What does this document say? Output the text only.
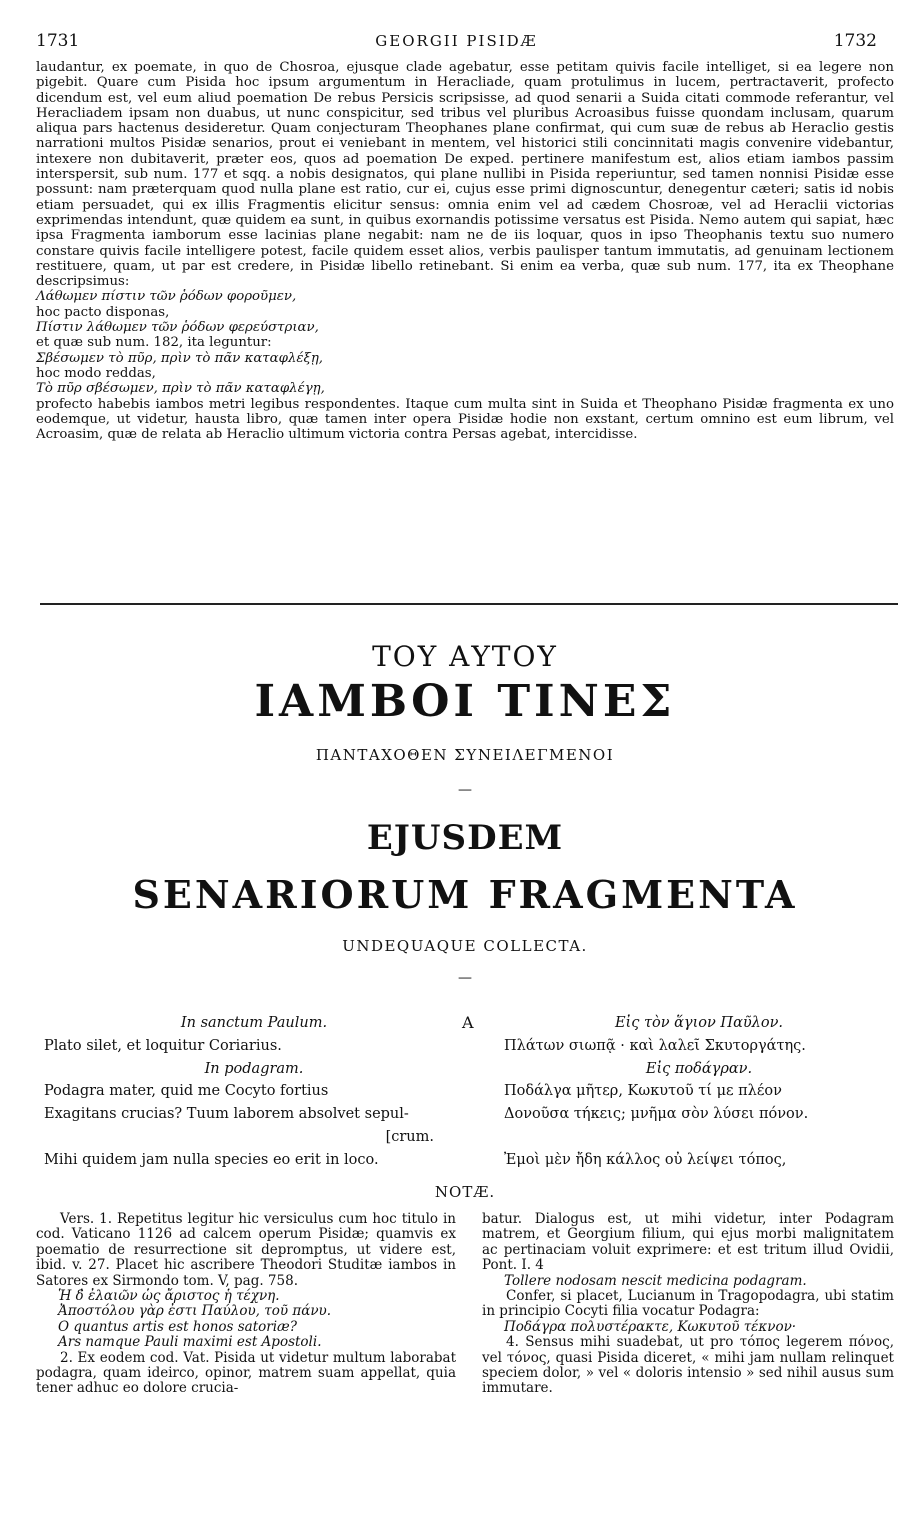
1731	GEORGII PISIDÆ	1732

laudantur, ex poemate, in quo de Chosroa, ejusque clade agebatur, esse petitam quivis facile intelliget, si ea legere non pigebit. Quare cum Pisida hoc ipsum argumentum in Heracliade, quam protulimus in lucem, pertractaverit, profecto dicendum est, vel eum aliud poemation De rebus Persicis scripsisse, ad quod senarii a Suida citati commode referantur, vel Heracliadem ipsam non duabus, ut nunc conspicitur, sed tribus vel pluribus Acroasibus fuisse quondam inclusam, quarum aliqua pars hactenus desideretur. Quam conjecturam Theophanes plane confirmat, qui cum suæ de rebus ab Heraclio gestis narrationi multos Pisidæ senarios, prout ei veniebant in mentem, vel historici stili concinnitati magis convenire videbantur, intexere non dubitaverit, præter eos, quos ad poemation De exped. pertinere manifestum est, alios etiam iambos passim interspersit, sub num. 177 et sqq. a nobis designatos, qui plane nullibi in Pisida reperiuntur, sed tamen nonnisi Pisidæ esse possunt: nam præterquam quod nulla plane est ratio, cur ei, cujus esse primi dignoscuntur, denegentur cæteri; satis id nobis etiam persuadet, qui ex illis Fragmentis elicitur sensus: omnia enim vel ad cædem Chosroæ, vel ad Heraclii victorias exprimendas intendunt, quæ quidem ea sunt, in quibus exornandis potissime versatus est Pisida. Nemo autem qui sapiat, hæc ipsa Fragmenta iamborum esse lacinias plane negabit: nam ne de iis loquar, quos in ipso Theophanis textu suo numero constare quivis facile intelligere potest, facile quidem esset alios, verbis paulisper tantum immutatis, ad genuinam lectionem restituere, quam, ut par est credere, in Pisidæ libello retinebant. Si enim ea verba, quæ sub num. 177, ita ex Theophane descripsimus:

Λάθωμεν πίστιν τῶν ῥόδων φοροῦμεν,

hoc pacto disponas,

Πίστιν λάθωμεν τῶν ῥόδων φερεύστριαν,

et quæ sub num. 182, ita leguntur:

Σβέσωμεν τὸ πῦρ, πρὶν τὸ πᾶν καταφλέξῃ,

hoc modo reddas,

Τὸ πῦρ σβέσωμεν, πρὶν τὸ πᾶν καταφλέγῃ,

profecto habebis iambos metri legibus respondentes. Itaque cum multa sint in Suida et Theophano Pisidæ fragmenta ex uno eodemque, ut videtur, hausta libro, quæ tamen inter opera Pisidæ hodie non exstant, certum omnino est eum librum, vel Acroasim, quæ de relata ab Heraclio ultimum victoria contra Persas agebat, intercidisse.

ΤΟΥ ΑΥΤΟΥ
ΙΑΜΒΟΙ ΤΙΝΕΣ
ΠΑΝΤΑΧΟΘΕΝ ΣΥΝΕΙΛΕΓΜΕΝΟΙ
—
EJUSDEM
SENARIORUM FRAGMENTA
UNDEQUAQUE COLLECTA.
—
A
In sanctum Paulum.
Plato silet, et loquitur Coriarius.
In podagram.
Podagra mater, quid me Cocyto fortius
Exagitans crucias? Tuum laborem absolvet sepul-
[crum.
Mihi quidem jam nulla species eo erit in loco.
Εἰς τὸν ἅγιον Παῦλον.
Πλάτων σιωπᾷ · καὶ λαλεῖ Σκυτοργάτης.
Εἰς ποδάγραν.
Ποδάλγα μῆτερ, Κωκυτοῦ τί με πλέον
Δονοῦσα τήκεις; μνῆμα σὸν λύσει πόνον.
Ἐμοὶ μὲν ἤδη κάλλος οὐ λείψει τόπος,
NOTÆ.

Vers. 1. Repetitus legitur hic versiculus cum hoc titulo in cod. Vaticano 1126 ad calcem operum Pisidæ; quamvis ex poematio de resurrectione sit depromptus, ut videre est, ibid. v. 27. Placet hic ascribere Theodori Studitæ iambos in Satores ex Sirmondo tom. V, pag. 758.

Ἡ δ̓ ἐλαιῶν ὡς ἄριστος ἡ τέχνη.

Ἀποστόλου γὰρ ἐστι Παύλου, τοῦ πάνυ.

O quantus artis est honos satoriæ?

Ars namque Pauli maximi est Apostoli.

2. Ex eodem cod. Vat. Pisida ut videtur multum laborabat podagra, quam ideirco, opinor, matrem suam appellat, quia tener adhuc eo dolore crucia-

batur. Dialogus est, ut mihi videtur, inter Podagram matrem, et Georgium filium, qui ejus morbi malignitatem ac pertinaciam voluit exprimere: et est tritum illud Ovidii, Pont. I. 4

Tollere nodosam nescit medicina podagram.

Confer, si placet, Lucianum in Tragopodagra, ubi statim in principio Cocyti filia vocatur Podagra:

Ποδάγρα πολυστέρακτε, Κωκυτοῦ τέκνον·

4. Sensus mihi suadebat, ut pro τόπος legerem πόνος, vel τόνος, quasi Pisida diceret, « mihi jam nullam relinquet speciem dolor, » vel « doloris intensio » sed nihil ausus sum immutare.
